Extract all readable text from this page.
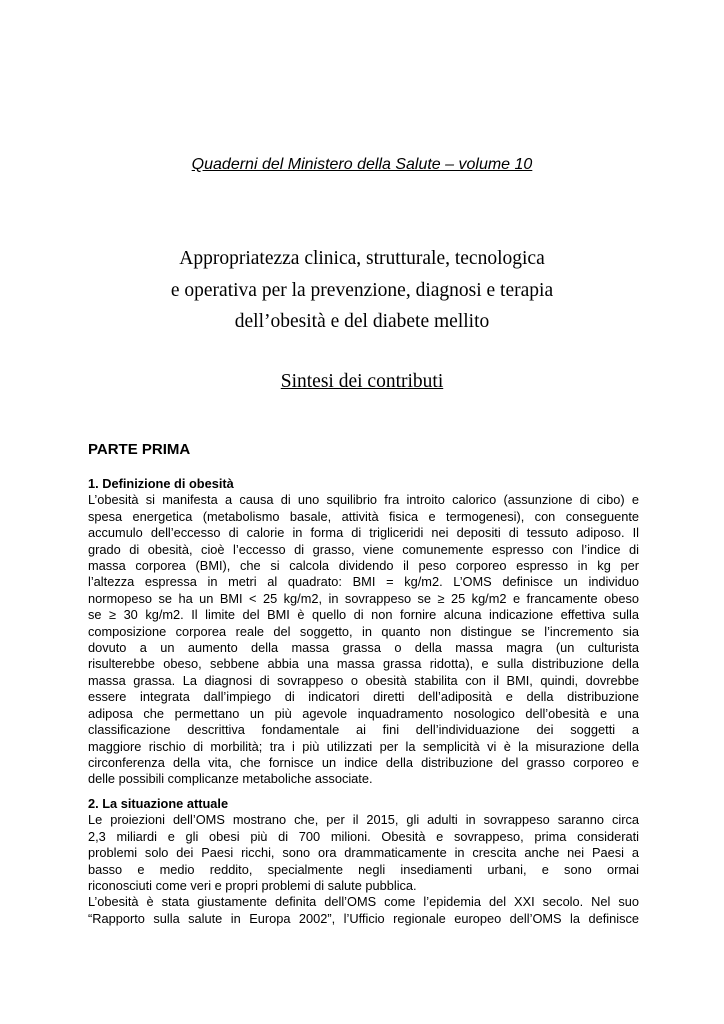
Quaderni del Ministero della Salute – volume 10
Appropriatezza clinica, strutturale, tecnologica
e operativa per la prevenzione, diagnosi e terapia
dell’obesità e del diabete mellito
Sintesi dei contributi
PARTE PRIMA
1. Definizione di obesità
L’obesità si manifesta a causa di uno squilibrio fra introito calorico (assunzione di cibo) e
spesa energetica (metabolismo basale, attività fisica e termogenesi), con conseguente
accumulo dell’eccesso di calorie in forma di trigliceridi nei depositi di tessuto adiposo. Il
grado di obesità, cioè l’eccesso di grasso, viene comunemente espresso con l’indice di
massa corporea (BMI), che si calcola dividendo il peso corporeo espresso in kg per
l’altezza espressa in metri al quadrato: BMI = kg/m2. L’OMS definisce un individuo
normopeso se ha un BMI < 25 kg/m2, in sovrappeso se ≥ 25 kg/m2 e francamente obeso
se ≥ 30 kg/m2. Il limite del BMI è quello di non fornire alcuna indicazione effettiva sulla
composizione corporea reale del soggetto, in quanto non distingue se l’incremento sia
dovuto a un aumento della massa grassa o della massa magra (un culturista
risulterebbe obeso, sebbene abbia una massa grassa ridotta), e sulla distribuzione della
massa grassa. La diagnosi di sovrappeso o obesità stabilita con il BMI, quindi, dovrebbe
essere integrata dall’impiego di indicatori diretti dell’adiposità e della distribuzione
adiposa che permettano un più agevole inquadramento nosologico dell’obesità e una
classificazione descrittiva fondamentale ai fini dell’individuazione dei soggetti a
maggiore rischio di morbilità; tra i più utilizzati per la semplicità vi è la misurazione della
circonferenza della vita, che fornisce un indice della distribuzione del grasso corporeo e
delle possibili complicanze metaboliche associate.
2. La situazione attuale
Le proiezioni dell’OMS mostrano che, per il 2015, gli adulti in sovrappeso saranno circa
2,3 miliardi e gli obesi più di 700 milioni. Obesità e sovrappeso, prima considerati
problemi solo dei Paesi ricchi, sono ora drammaticamente in crescita anche nei Paesi a
basso e medio reddito, specialmente negli insediamenti urbani, e sono ormai
riconosciuti come veri e propri problemi di salute pubblica.
L’obesità è stata giustamente definita dell’OMS come l’epidemia del XXI secolo. Nel suo
“Rapporto sulla salute in Europa 2002”, l’Ufficio regionale europeo dell’OMS la definisce
